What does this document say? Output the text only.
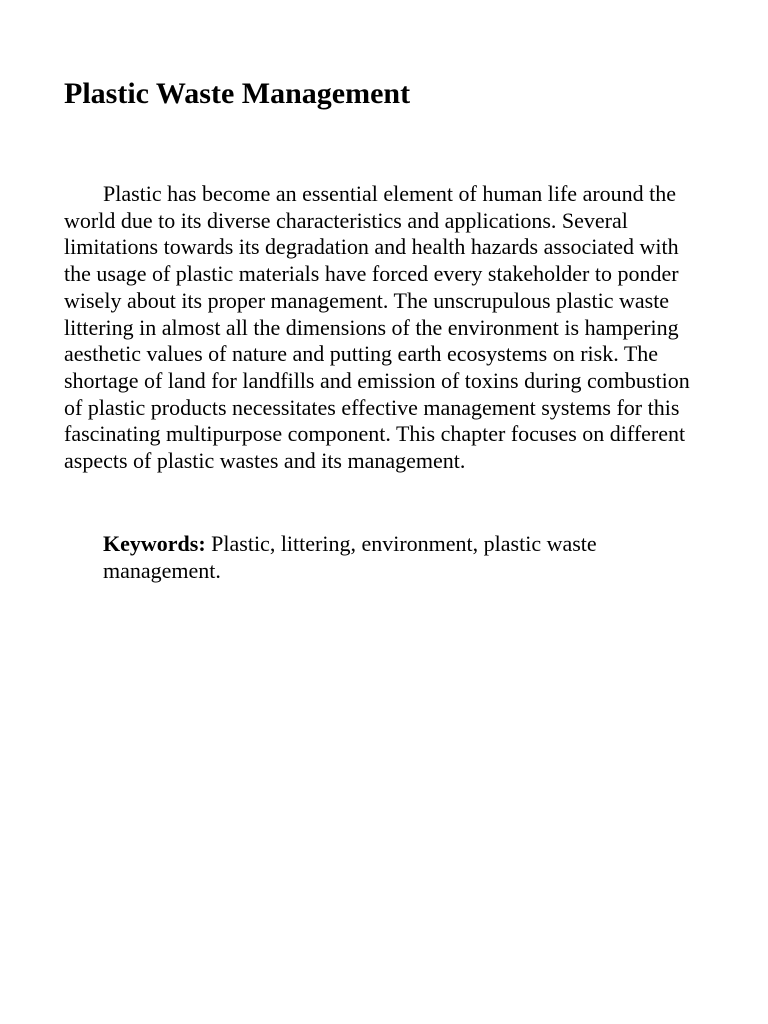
Plastic Waste Management

Plastic has become an essential element of human life around the world due to its diverse characteristics and applications. Several limitations towards its degradation and health hazards associated with the usage of plastic materials have forced every stakeholder to ponder wisely about its proper management. The unscrupulous plastic waste littering in almost all the dimensions of the environment is hampering aesthetic values of nature and putting earth ecosystems on risk. The shortage of land for landfills and emission of toxins during combustion of plastic products necessitates effective management systems for this fascinating multipurpose component. This chapter focuses on different aspects of plastic wastes and its management.

Keywords: Plastic, littering, environment, plastic waste management.
